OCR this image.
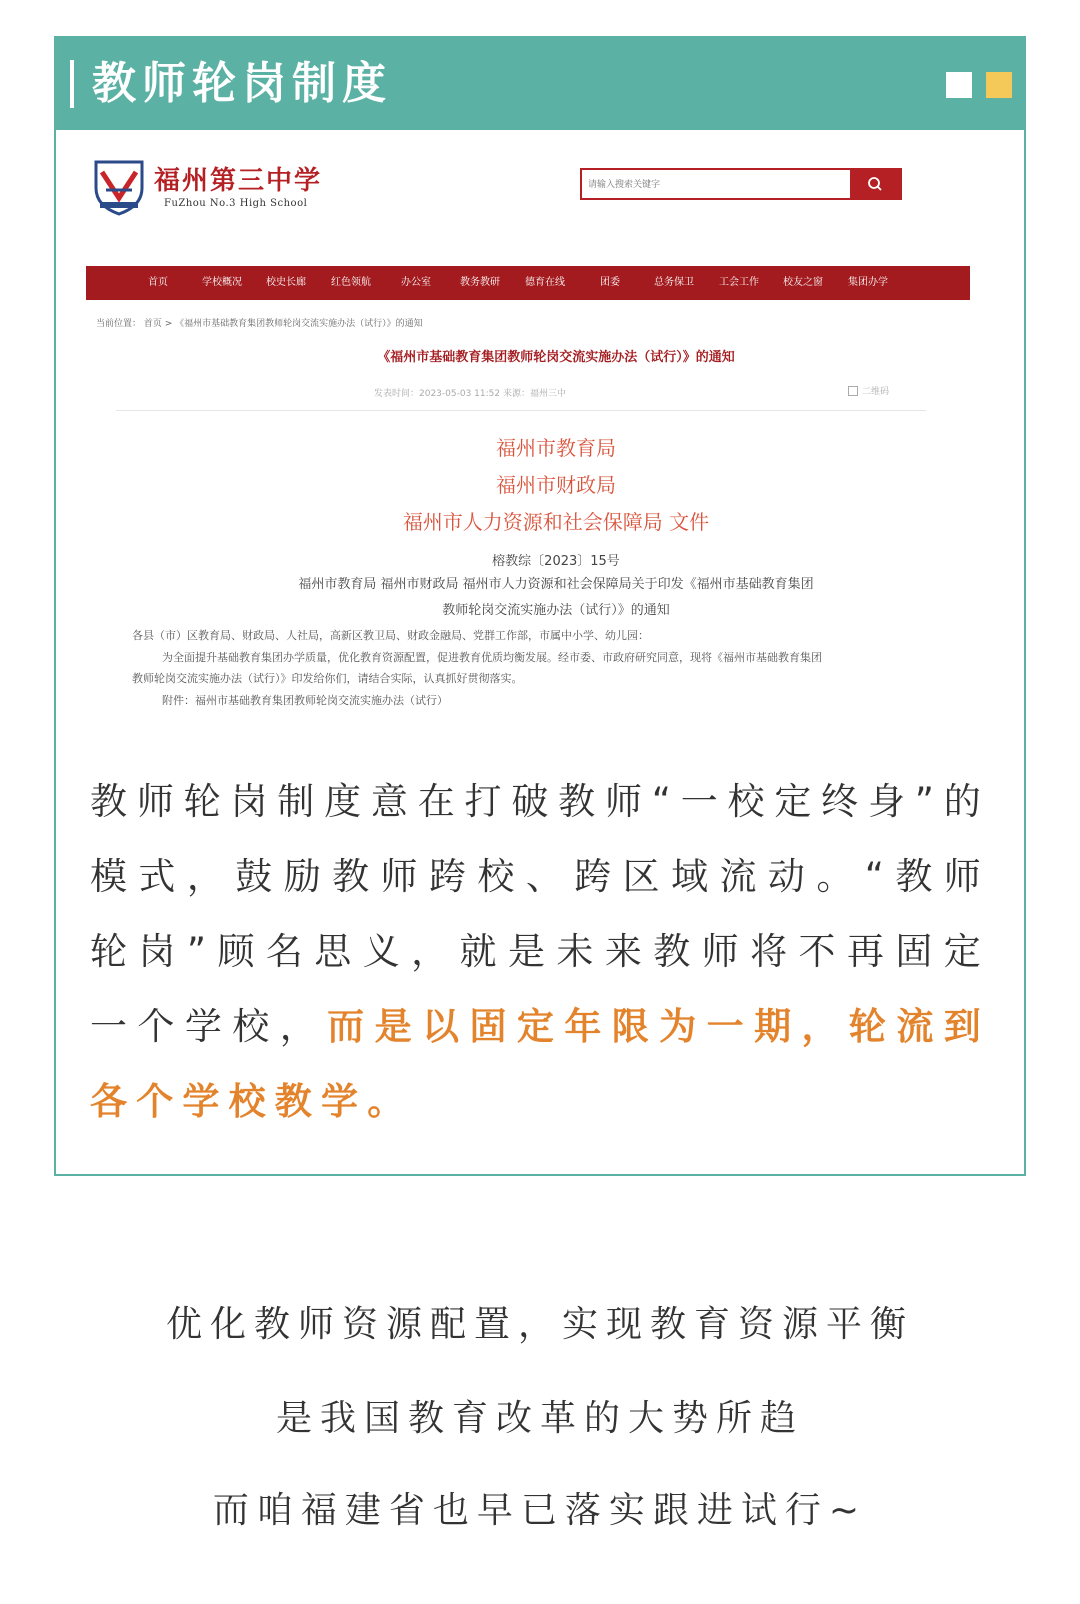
教师轮岗制度
福州第三中学
FuZhou No.3 High School
请输入搜索关键字
首页	学校概况 校史长廊	红色领航	办公室	教务教研	德育在线	团委	总务保卫	工会工作 校友之窗	集团办学
当前位置： 首页 > 《福州市基础教育集团教师轮岗交流实施办法（试行）》的通知
《福州市基础教育集团教师轮岗交流实施办法（试行）》的通知
发表时间：2023-05-03 11:52 来源：福州三中	二维码
福州市教育局
福州市财政局
福州市人力资源和社会保障局 文件
榕教综〔2023〕15号
福州市教育局 福州市财政局 福州市人力资源和社会保障局关于印发《福州市基础教育集团
教师轮岗交流实施办法（试行）》的通知
各县（市）区教育局、财政局、人社局，高新区教卫局、财政金融局、党群工作部，市属中小学、幼儿园：
为全面提升基础教育集团办学质量，优化教育资源配置，促进教育优质均衡发展。经市委、市政府研究同意，现将《福州市基础教育集团
教师轮岗交流实施办法（试行）》印发给你们，请结合实际，认真抓好贯彻落实。
附件：福州市基础教育集团教师轮岗交流实施办法（试行）
教师轮岗制度意在打破教师“一校定终身”的模式，鼓励教师跨校、跨区域流动。“教师轮岗”顾名思义，就是未来教师将不再固定一个学校，而是以固定年限为一期，轮流到各个学校教学。
优化教师资源配置，实现教育资源平衡
是我国教育改革的大势所趋
而咱福建省也早已落实跟进试行~
